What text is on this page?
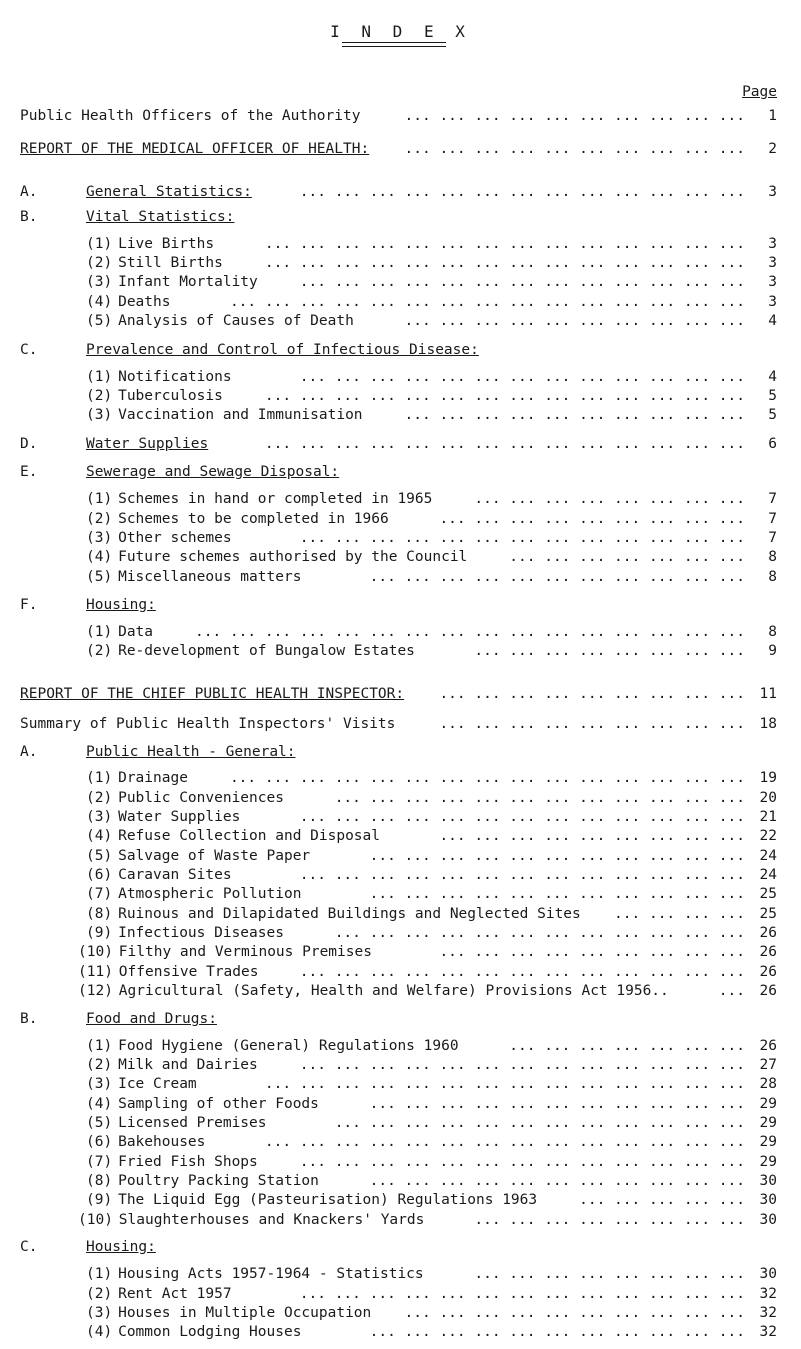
I N D E X
Page
Public Health Officers of the Authority	... ... ... ... ... ... ... ... ... ...	1
REPORT OF THE MEDICAL OFFICER OF HEALTH: ... ... ... ... ... ... ... ... ... ...	2
A.	General Statistics:	... ... ... ... ... ... ... ... ... ... ... ... ...	3
B.	Vital Statistics:
(1) Live Births	... ... ... ... ... ... ... ... ... ... ... ... ... ...	3
(2) Still Births	... ... ... ... ... ... ... ... ... ... ... ... ... ...	3
(3) Infant Mortality	... ... ... ... ... ... ... ... ... ... ... ... ...	3
(4) Deaths	... ... ... ... ... ... ... ... ... ... ... ... ... ... ...	3
(5) Analysis of Causes of Death	... ... ... ... ... ... ... ... ... ...	4
C.	Prevalence and Control of Infectious Disease:
(1) Notifications	... ... ... ... ... ... ... ... ... ... ... ... ...	4
(2) Tuberculosis	... ... ... ... ... ... ... ... ... ... ... ... ... ...	5
(3) Vaccination and Immunisation	... ... ... ... ... ... ... ... ... ...	5
D.	Water Supplies	... ... ... ... ... ... ... ... ... ... ... ... ... ...	6
E.	Sewerage and Sewage Disposal:
(1) Schemes in hand or completed in 1965	... ... ... ... ... ... ... ...	7
(2) Schemes to be completed in 1966	... ... ... ... ... ... ... ... ...	7
(3) Other schemes	... ... ... ... ... ... ... ... ... ... ... ... ...	7
(4) Future schemes authorised by the Council	... ... ... ... ... ... ...	8
(5) Miscellaneous matters	... ... ... ... ... ... ... ... ... ... ...	8
F.	Housing:
(1) Data	... ... ... ... ... ... ... ... ... ... ... ... ... ... ... ...	8
(2) Re-development of Bungalow Estates	... ... ... ... ... ... ... ...	9
REPORT OF THE CHIEF PUBLIC HEALTH INSPECTOR: ... ... ... ... ... ... ... ... ...	11
Summary of Public Health Inspectors' Visits	... ... ... ... ... ... ... ... ...	18
A.	Public Health - General:
(1) Drainage	... ... ... ... ... ... ... ... ... ... ... ... ... ... ...	19
(2) Public Conveniences	... ... ... ... ... ... ... ... ... ... ... ...	20
(3) Water Supplies	... ... ... ... ... ... ... ... ... ... ... ... ...	21
(4) Refuse Collection and Disposal	... ... ... ... ... ... ... ... ...	22
(5) Salvage of Waste Paper	... ... ... ... ... ... ... ... ... ... ...	24
(6) Caravan Sites	... ... ... ... ... ... ... ... ... ... ... ... ...	24
(7) Atmospheric Pollution	... ... ... ... ... ... ... ... ... ... ...	25
(8) Ruinous and Dilapidated Buildings and Neglected Sites ... ... ... ...	25
(9) Infectious Diseases	... ... ... ... ... ... ... ... ... ... ... ...	26
(10) Filthy and Verminous Premises	... ... ... ... ... ... ... ... ...	26
(11) Offensive Trades	... ... ... ... ... ... ... ... ... ... ... ... ...	26
(12) Agricultural (Safety, Health and Welfare) Provisions Act 1956..	...	26
B.	Food and Drugs:
(1) Food Hygiene (General) Regulations 1960	... ... ... ... ... ... ...	26
(2) Milk and Dairies	... ... ... ... ... ... ... ... ... ... ... ... ...	27
(3) Ice Cream	... ... ... ... ... ... ... ... ... ... ... ... ... ...	28
(4) Sampling of other Foods	... ... ... ... ... ... ... ... ... ... ...	29
(5) Licensed Premises	... ... ... ... ... ... ... ... ... ... ... ...	29
(6) Bakehouses	... ... ... ... ... ... ... ... ... ... ... ... ... ...	29
(7) Fried Fish Shops	... ... ... ... ... ... ... ... ... ... ... ... ...	29
(8) Poultry Packing Station	... ... ... ... ... ... ... ... ... ... ...	30
(9) The Liquid Egg (Pasteurisation) Regulations 1963	... ... ... ... ...	30
(10) Slaughterhouses and Knackers' Yards	... ... ... ... ... ... ... ...	30
C.	Housing:
(1) Housing Acts 1957-1964 - Statistics	... ... ... ... ... ... ... ...	30
(2) Rent Act 1957	... ... ... ... ... ... ... ... ... ... ... ... ...	32
(3) Houses in Multiple Occupation ... ... ... ... ... ... ... ... ... ...	32
(4) Common Lodging Houses	... ... ... ... ... ... ... ... ... ... ...	32
